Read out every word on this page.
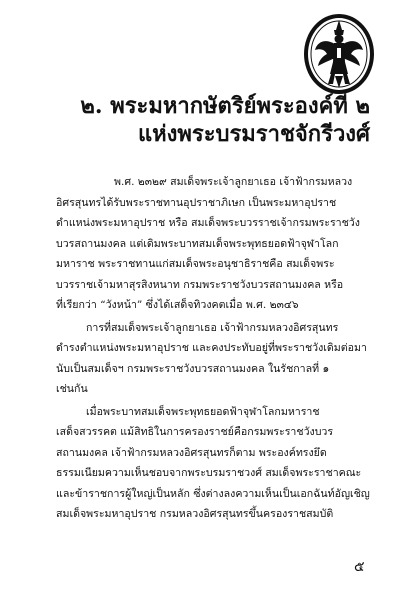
๒. พระมหากษัตริย์พระองค์ที่ ๒
แห่งพระบรมราชจักรีวงศ์
พ.ศ. ๒๓๒๙ สมเด็จพระเจ้าลูกยาเธอ เจ้าฟ้ากรมหลวง
อิศรสุนทรได้รับพระราชทานอุปราชาภิเษก เป็นพระมหาอุปราช
ดำแหน่งพระมหาอุปราช หรือ สมเด็จพระบวรราชเจ้ากรมพระราชวัง
บวรสถานมงคล แต่เดิมพระบาทสมเด็จพระพุทธยอดฟ้าจุฬาโลก
มหาราช พระราชทานแก่สมเด็จพระอนุชาธิราชคือ สมเด็จพระ
บวรราชเจ้ามหาสุรสิงหนาท กรมพระราชวังบวรสถานมงคล หรือ
ที่เรียกว่า “วังหน้า” ซึ่งได้เสด็จทิวงคตเมื่อ พ.ศ. ๒๓๔๖
การที่สมเด็จพระเจ้าลูกยาเธอ เจ้าฟ้ากรมหลวงอิศรสุนทร
ดำรงตำแหน่งพระมหาอุปราช และคงประทับอยู่ที่พระราชวังเดิมต่อมา
นับเป็นสมเด็จฯ กรมพระราชวังบวรสถานมงคล ในรัชกาลที่ ๑
เช่นกัน
เมื่อพระบาทสมเด็จพระพุทธยอดฟ้าจุฬาโลกมหาราช
เสด็จสวรรคต แม้สิทธิในการครองราชย์คือกรมพระราชวังบวร
สถานมงคล เจ้าฟ้ากรมหลวงอิศรสุนทรก็ตาม พระองค์ทรงยึด
ธรรมเนียมความเห็นชอบจากพระบรมราชวงศ์ สมเด็จพระราชาคณะ
และข้าราชการผู้ใหญ่เป็นหลัก ซึ่งต่างลงความเห็นเป็นเอกฉันท์อัญเชิญ
สมเด็จพระมหาอุปราช กรมหลวงอิศรสุนทรขึ้นครองราชสมบัติ
๕
